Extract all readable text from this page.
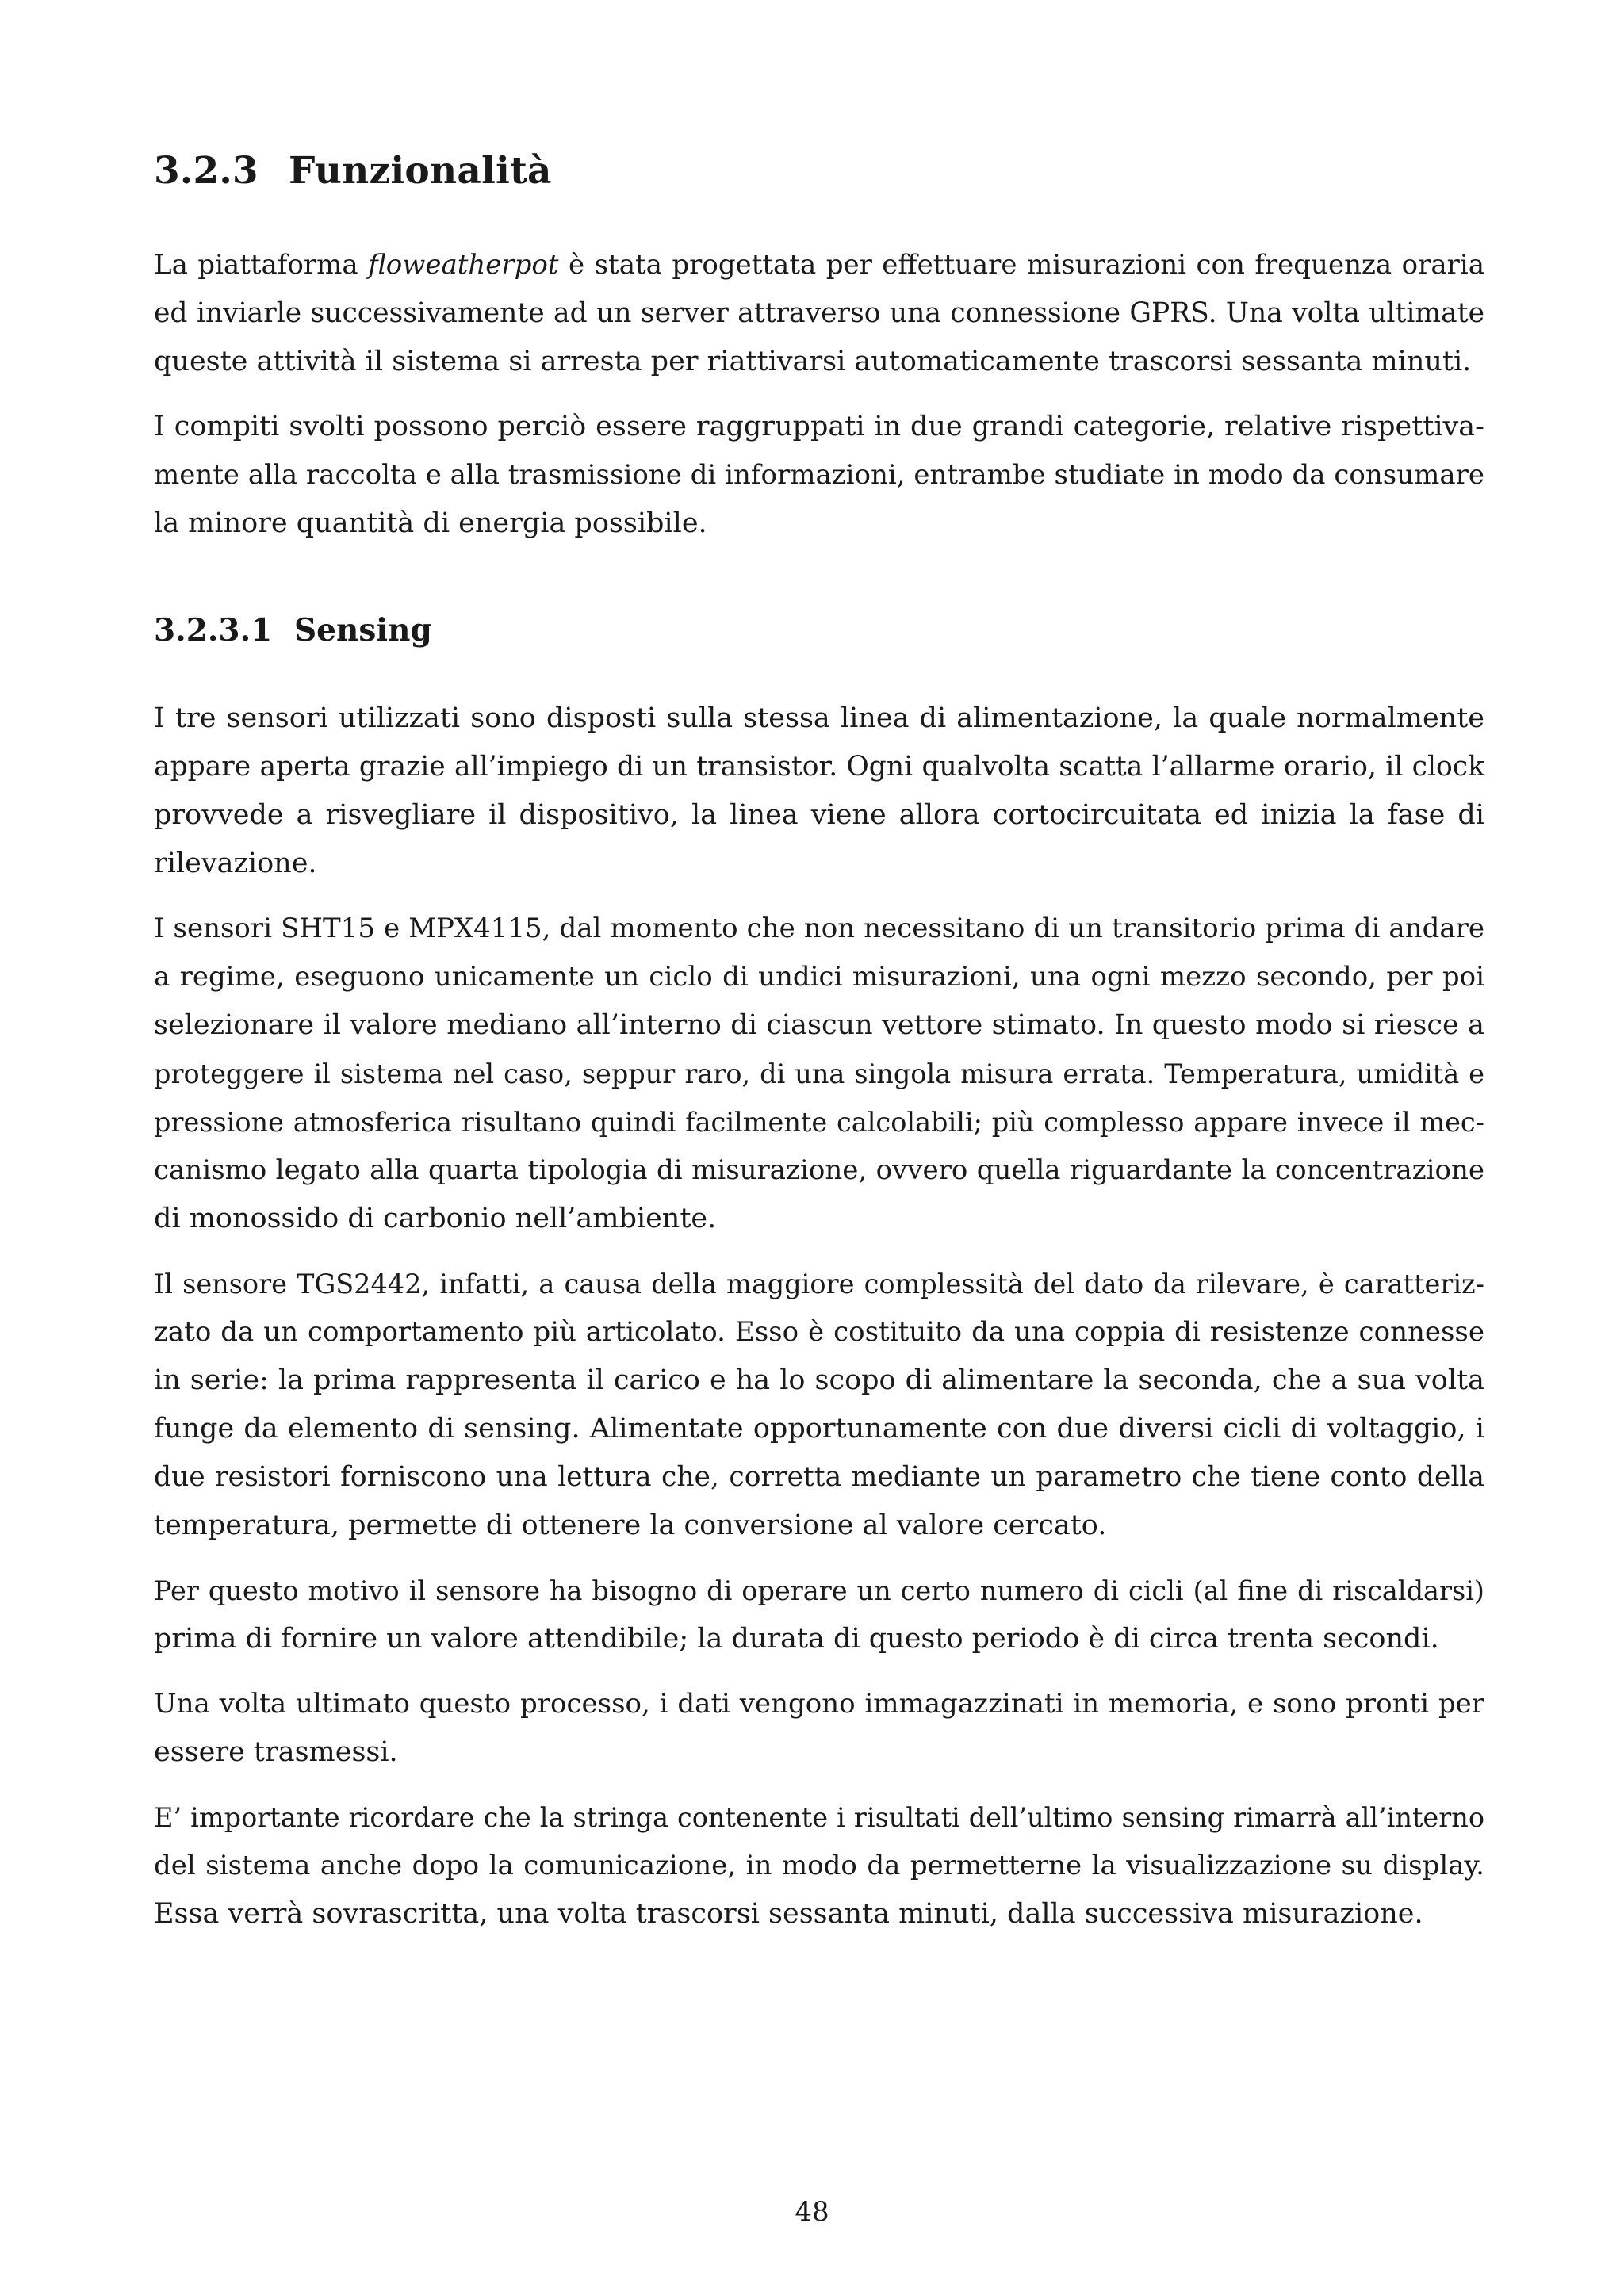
3.2.3 Funzionalità
La piattaforma floweatherpot è stata progettata per effettuare misurazioni con frequenza oraria
ed inviarle successivamente ad un server attraverso una connessione GPRS. Una volta ultimate
queste attività il sistema si arresta per riattivarsi automaticamente trascorsi sessanta minuti.
I compiti svolti possono perciò essere raggruppati in due grandi categorie, relative rispettiva-
mente alla raccolta e alla trasmissione di informazioni, entrambe studiate in modo da consumare
la minore quantità di energia possibile.
3.2.3.1 Sensing
I tre sensori utilizzati sono disposti sulla stessa linea di alimentazione, la quale normalmente
appare aperta grazie all’impiego di un transistor. Ogni qualvolta scatta l’allarme orario, il clock
provvede a risvegliare il dispositivo, la linea viene allora cortocircuitata ed inizia la fase di
rilevazione.
I sensori SHT15 e MPX4115, dal momento che non necessitano di un transitorio prima di andare
a regime, eseguono unicamente un ciclo di undici misurazioni, una ogni mezzo secondo, per poi
selezionare il valore mediano all’interno di ciascun vettore stimato. In questo modo si riesce a
proteggere il sistema nel caso, seppur raro, di una singola misura errata. Temperatura, umidità e
pressione atmosferica risultano quindi facilmente calcolabili; più complesso appare invece il mec-
canismo legato alla quarta tipologia di misurazione, ovvero quella riguardante la concentrazione
di monossido di carbonio nell’ambiente.
Il sensore TGS2442, infatti, a causa della maggiore complessità del dato da rilevare, è caratteriz-
zato da un comportamento più articolato. Esso è costituito da una coppia di resistenze connesse
in serie: la prima rappresenta il carico e ha lo scopo di alimentare la seconda, che a sua volta
funge da elemento di sensing. Alimentate opportunamente con due diversi cicli di voltaggio, i
due resistori forniscono una lettura che, corretta mediante un parametro che tiene conto della
temperatura, permette di ottenere la conversione al valore cercato.
Per questo motivo il sensore ha bisogno di operare un certo numero di cicli (al fine di riscaldarsi)
prima di fornire un valore attendibile; la durata di questo periodo è di circa trenta secondi.
Una volta ultimato questo processo, i dati vengono immagazzinati in memoria, e sono pronti per
essere trasmessi.
E’ importante ricordare che la stringa contenente i risultati dell’ultimo sensing rimarrà all’interno
del sistema anche dopo la comunicazione, in modo da permetterne la visualizzazione su display.
Essa verrà sovrascritta, una volta trascorsi sessanta minuti, dalla successiva misurazione.
48
